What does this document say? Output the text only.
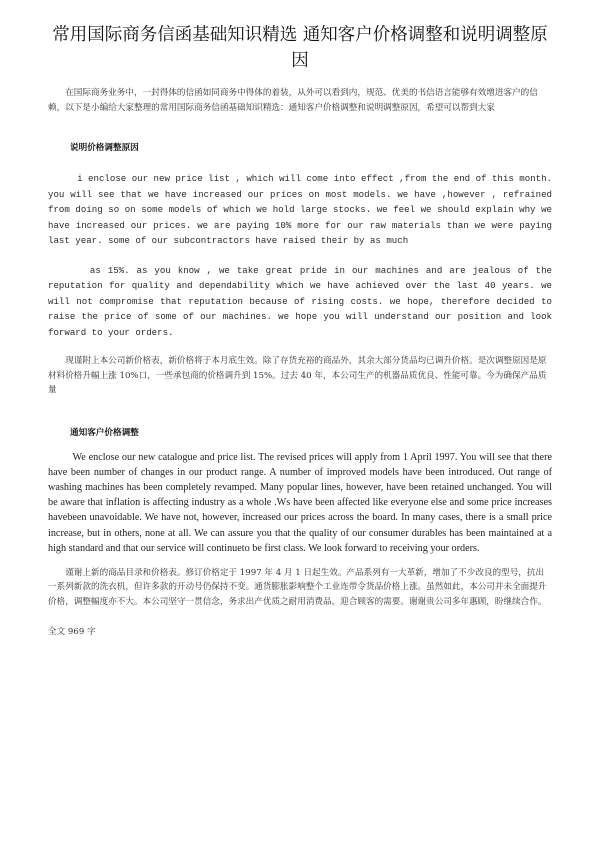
常用国际商务信函基础知识精选 通知客户价格调整和说明调整原因

在国际商务业务中，一封得体的信函如同商务中得体的着装，从外可以看到内，规范、优美的书信语言能够有效增进客户的信赖，以下是小编给大家整理的常用国际商务信函基础知识精选：通知客户价格调整和说明调整原因，希望可以帮到大家

说明价格调整原因

i enclose our new price list , which will come into effect ,from the end of this month. you will see that we have increased our prices on most models. we have ,however , refrained from doing so on some models of which we hold large stocks. we feel we should explain why we have increased our prices. we are paying 10% more for our raw materials than we were paying last year. some of our subcontractors have raised their by as much

as 15%. as you know , we take great pride in our machines and are jealous of the reputation for quality and dependability which we have achieved over the last 40 years. we will not compromise that reputation because of rising costs. we hope, therefore decided to raise the price of some of our machines. we hope you will understand our position and look forward to your orders.

现谨附上本公司新价格表，新价格将于本月底生效。除了存货充裕的商品外，其余大部分货品均已调升价格。是次调整原因是原材料价格升幅上涨 10%口，一些承包商的价格调升到 15%。过去 40 年，本公司生产的机器品质优良、性能可靠。今为确保产品质量

通知客户价格调整

We enclose our new catalogue and price list. The revised prices will apply from 1 April 1997. You will see that there have been number of changes in our product range. A number of improved models have been introduced. Out range of washing machines has been completely revamped. Many popular lines, however, have been retained unchanged. You will be aware that inflation is affecting industry as a whole .Ws have been affected like everyone else and some price increases havebeen unavoidable. We have not, however, increased our prices across the board. In many cases, there is a small price increase, but in others, none at all. We can assure you that the quality of our consumer durables has been maintained at a high standard and that our service will continueto be first class. We look forward to receiving your orders.

谨谢上新的商品目录和价格表。修订价格定于 1997 年 4 月 1 日起生效。产品系列有一大革新，增加了不少改良的型号，抗出一系列新款的洗衣机，但许多款的开动号仍保持不变。通货膨胀影响整个工业连带令货品价格上涨。虽然如此，本公司并未全面提升价格，调整幅度亦不大。本公司坚守一贯信念，务求出产优质之耐用消费品，迎合顾客的需要。谢谢贵公司多年惠顾，盼继续合作。

全文 969 字
